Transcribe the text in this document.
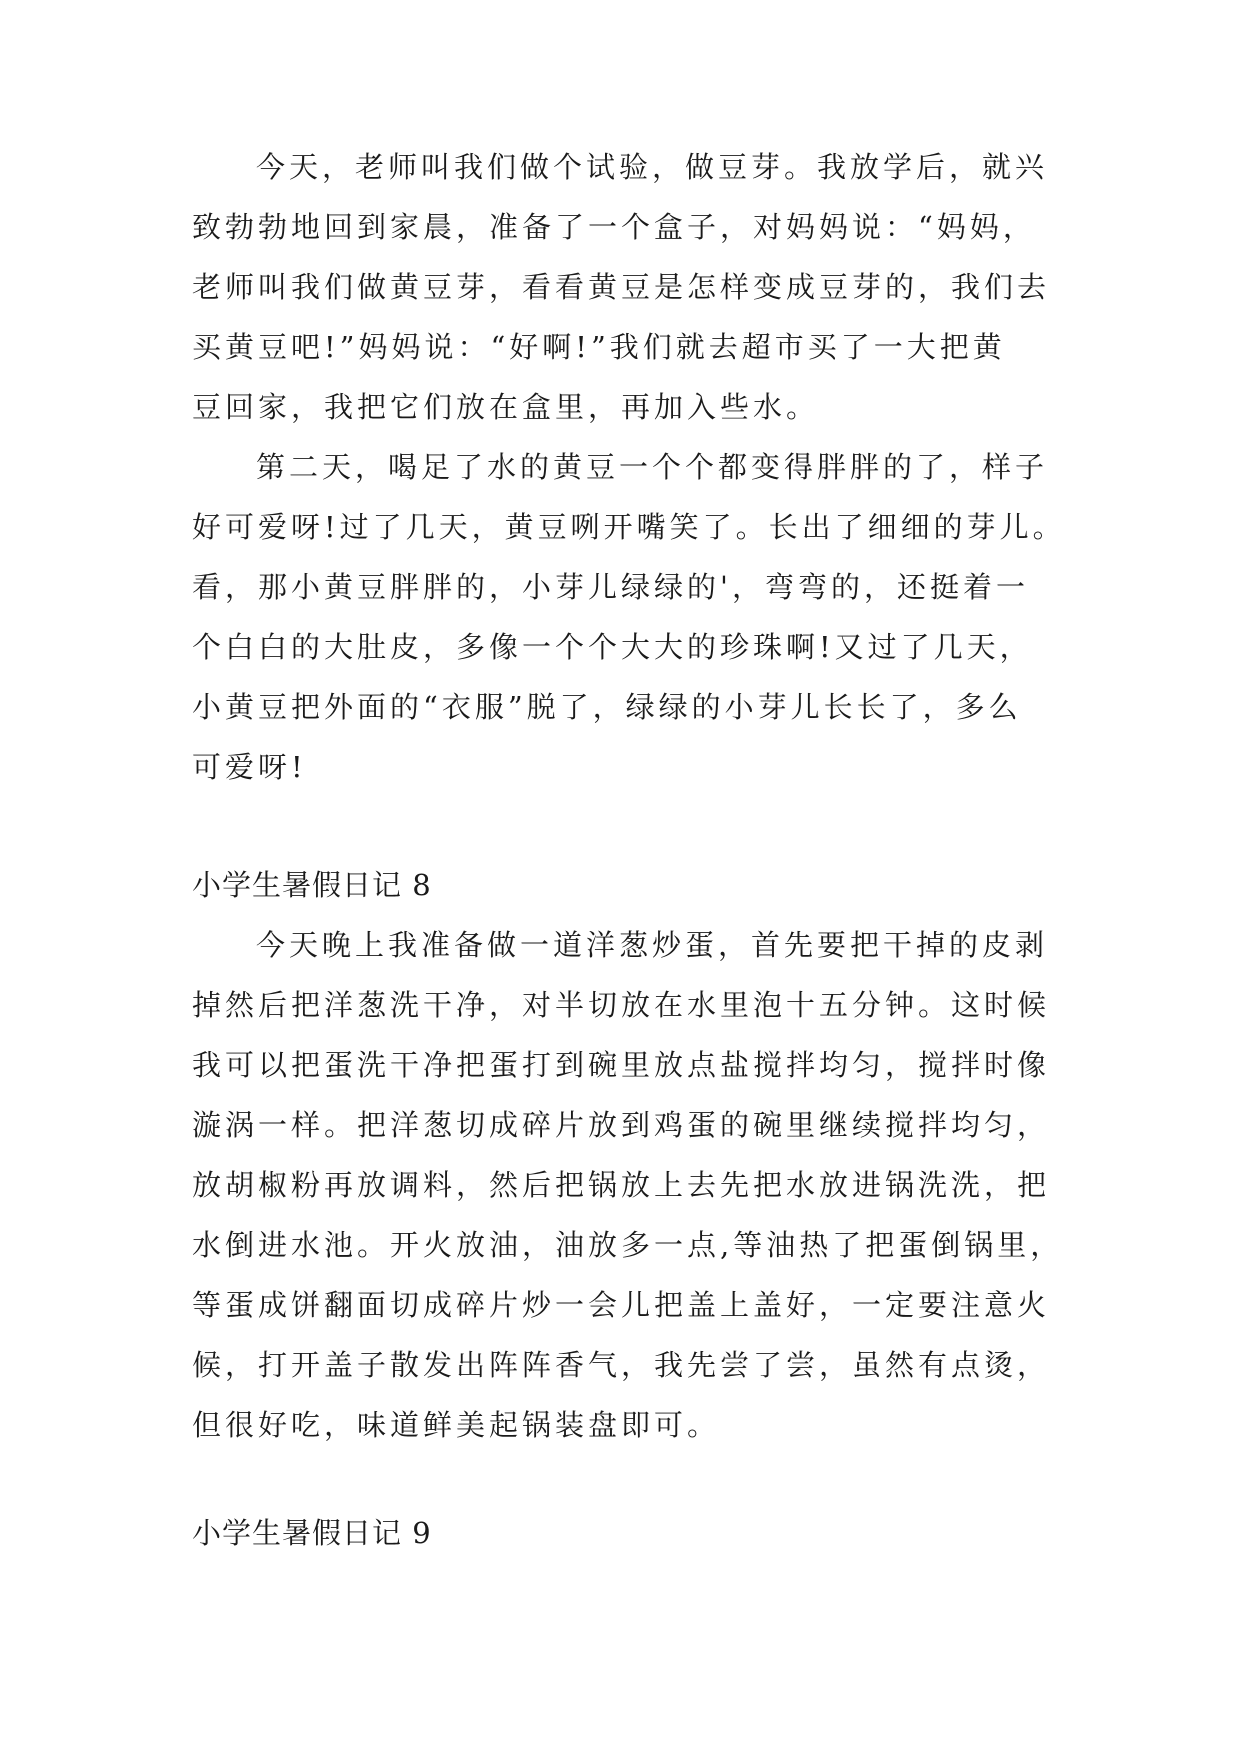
今天，老师叫我们做个试验，做豆芽。我放学后，就兴
致勃勃地回到家晨，准备了一个盒子，对妈妈说：“妈妈，
老师叫我们做黄豆芽，看看黄豆是怎样变成豆芽的，我们去
买黄豆吧!”妈妈说：“好啊!”我们就去超市买了一大把黄
豆回家，我把它们放在盒里，再加入些水。
第二天，喝足了水的黄豆一个个都变得胖胖的了，样子
好可爱呀!过了几天，黄豆咧开嘴笑了。长出了细细的芽儿。
看，那小黄豆胖胖的，小芽儿绿绿的'，弯弯的，还挺着一
个白白的大肚皮，多像一个个大大的珍珠啊!又过了几天，
小黄豆把外面的“衣服”脱了，绿绿的小芽儿长长了，多么
可爱呀!
小学生暑假日记 8
今天晚上我准备做一道洋葱炒蛋，首先要把干掉的皮剥
掉然后把洋葱洗干净，对半切放在水里泡十五分钟。这时候
我可以把蛋洗干净把蛋打到碗里放点盐搅拌均匀，搅拌时像
漩涡一样。把洋葱切成碎片放到鸡蛋的碗里继续搅拌均匀，
放胡椒粉再放调料，然后把锅放上去先把水放进锅洗洗，把
水倒进水池。开火放油，油放多一点,等油热了把蛋倒锅里，
等蛋成饼翻面切成碎片炒一会儿把盖上盖好，一定要注意火
候，打开盖子散发出阵阵香气，我先尝了尝，虽然有点烫，
但很好吃，味道鲜美起锅装盘即可。
小学生暑假日记 9
